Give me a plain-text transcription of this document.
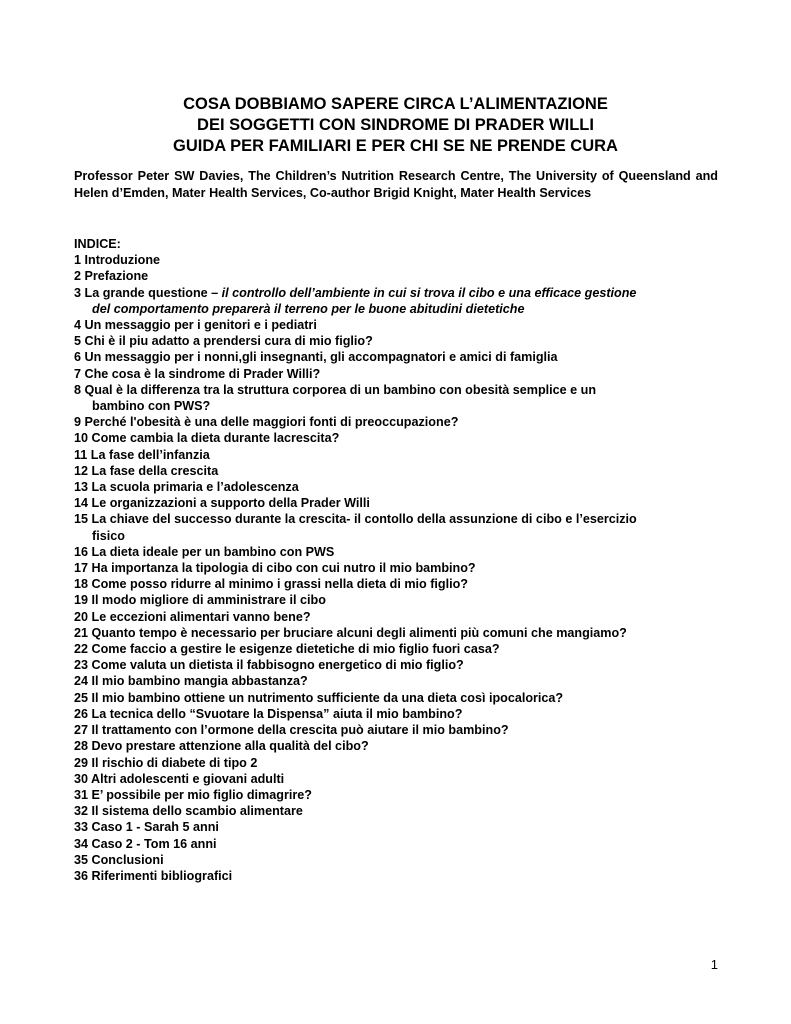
COSA DOBBIAMO SAPERE CIRCA L’ALIMENTAZIONE
DEI SOGGETTI CON SINDROME DI PRADER WILLI
GUIDA PER FAMILIARI E PER CHI SE NE PRENDE CURA
Professor Peter SW Davies, The Children’s Nutrition Research Centre, The University of Queensland and Helen d’Emden, Mater Health Services, Co-author Brigid Knight, Mater Health Services
INDICE:
1 Introduzione
2 Prefazione
3 La grande questione – il controllo dell’ambiente in cui si trova il cibo e una efficace gestione
del comportamento preparerà il terreno per le buone abitudini dietetiche
4 Un messaggio per i genitori e i pediatri
5 Chi è il piu adatto a prendersi cura di mio figlio?
6 Un messaggio per i nonni,gli insegnanti, gli accompagnatori e amici di famiglia
7 Che cosa è la sindrome di Prader Willi?
8 Qual è la differenza tra la struttura corporea di un bambino con obesità semplice e un
bambino con PWS?
9 Perché l'obesità è una delle maggiori fonti di preoccupazione?
10 Come cambia la dieta durante lacrescita?
11 La fase dell’infanzia
12 La fase della crescita
13 La scuola primaria e l’adolescenza
14 Le organizzazioni a supporto della Prader Willi
15 La chiave del successo durante la crescita- il contollo della assunzione di cibo e l’esercizio
fisico
16 La dieta ideale per un bambino con PWS
17 Ha importanza la tipologia di cibo con cui nutro il mio bambino?
18 Come posso ridurre al minimo i grassi nella dieta di mio figlio?
19 Il modo migliore di amministrare il cibo
20 Le eccezioni alimentari vanno bene?
21 Quanto tempo è necessario per bruciare alcuni degli alimenti più comuni che mangiamo?
22 Come faccio a gestire le esigenze dietetiche di mio figlio fuori casa?
23 Come valuta un dietista il fabbisogno energetico di mio figlio?
24 Il mio bambino mangia abbastanza?
25 Il mio bambino ottiene un nutrimento sufficiente da una dieta così ipocalorica?
26 La tecnica dello “Svuotare la Dispensa” aiuta il mio bambino?
27 Il trattamento con l’ormone della crescita può aiutare il mio bambino?
28 Devo prestare attenzione alla qualità del cibo?
29 Il rischio di diabete di tipo 2
30 Altri adolescenti e giovani adulti
31 E’ possibile per mio figlio dimagrire?
32 Il sistema dello scambio alimentare
33 Caso 1 - Sarah 5 anni
34 Caso 2 - Tom 16 anni
35 Conclusioni
36 Riferimenti bibliografici
1
